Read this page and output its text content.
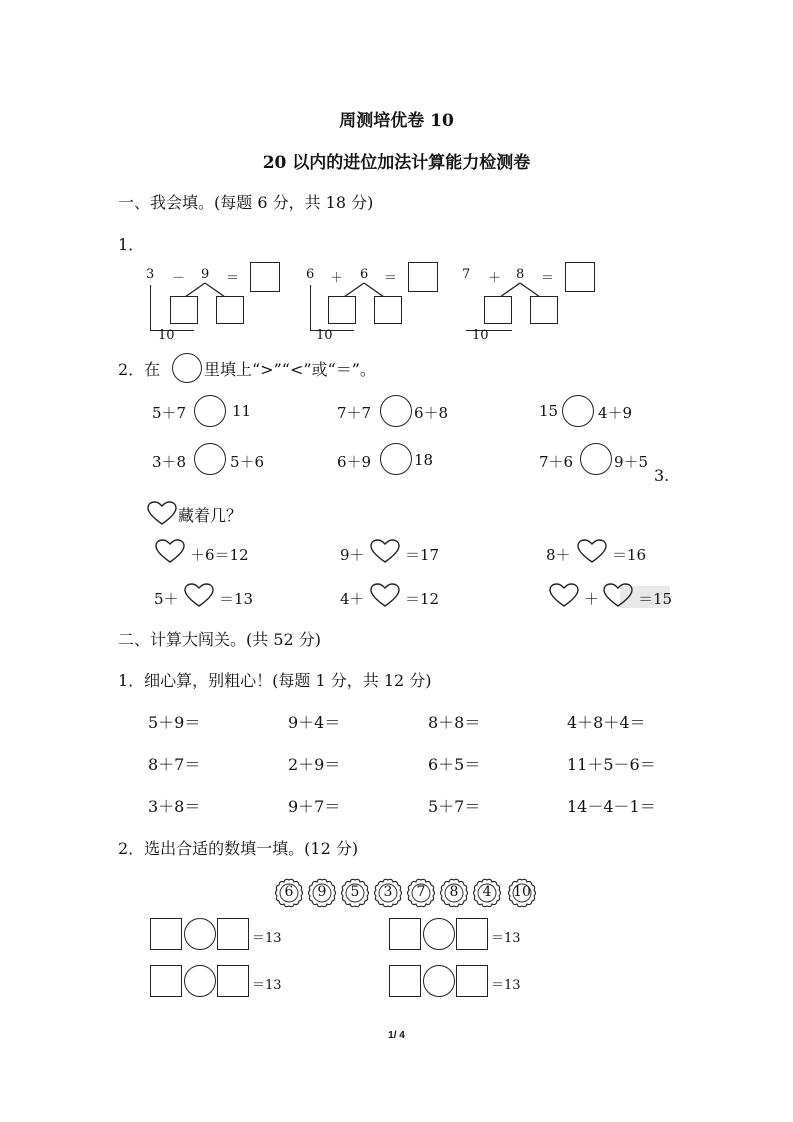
周测培优卷 10
20 以内的进位加法计算能力检测卷
一、我会填。(每题 6 分，共 18 分)
1．
3 － 9 ＝
10
6 ＋ 6 ＝
10
7 ＋ 8 ＝
10
2．在	里填上“>”“<”或“＝”。
5＋7	11	7＋7	6＋8	15	4＋9
3＋8	5＋6	6＋9	18	7＋6	9＋5
3.
藏着几？
＋6＝12	9＋	＝17	8＋	＝16
5＋	＝13	4＋	＝12	＋	＝15
二、计算大闯关。(共 52 分)
1．细心算，别粗心！(每题 1 分，共 12 分)
5＋9＝	9＋4＝	8＋8＝	4＋8＋4＝
8＋7＝	2＋9＝	6＋5＝	11＋5－6＝
3＋8＝	9＋7＝	5＋7＝	14－4－1＝
2．选出合适的数填一填。(12 分)
6	9	5	3	7	8	4	10
＝13	＝13
＝13	＝13
1/ 4
